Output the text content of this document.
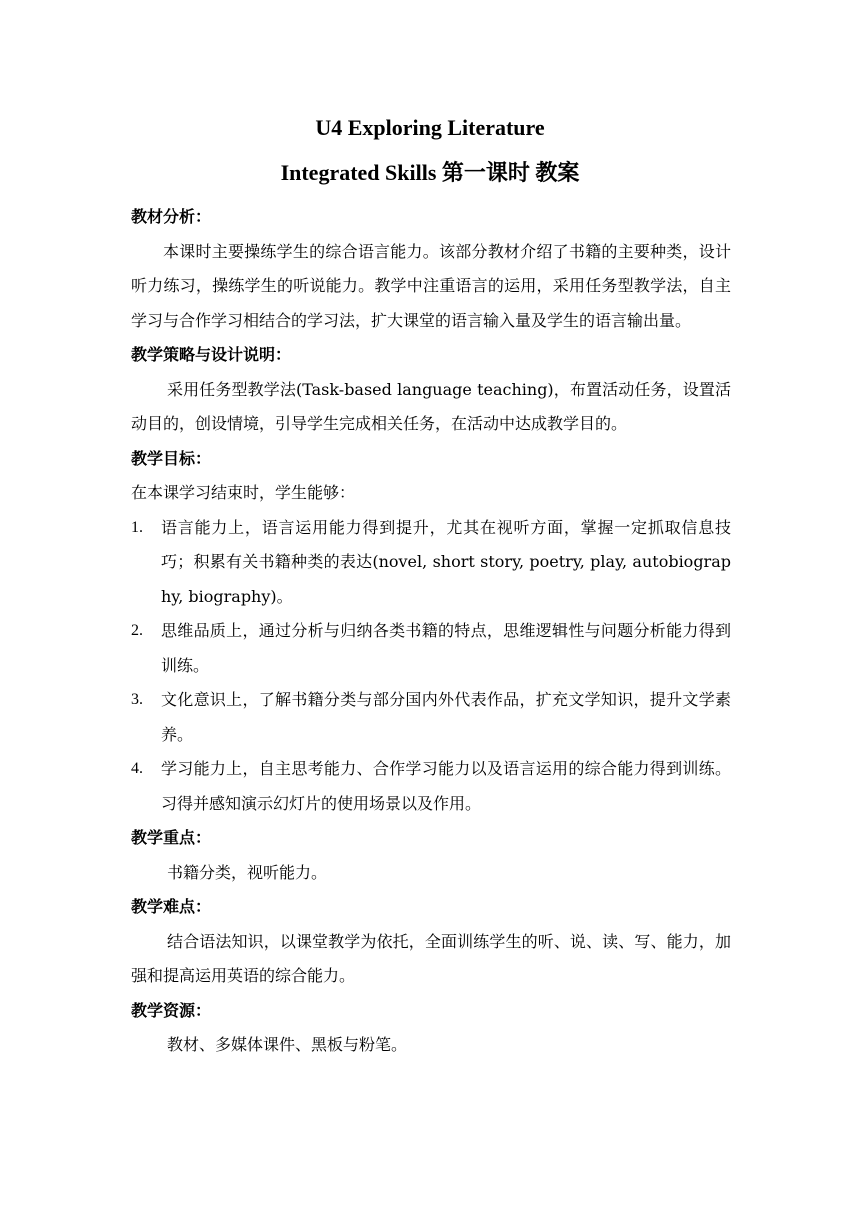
U4 Exploring Literature
Integrated Skills 第一课时 教案

教材分析：

本课时主要操练学生的综合语言能力。该部分教材介绍了书籍的主要种类，设计听力练习，操练学生的听说能力。教学中注重语言的运用，采用任务型教学法，自主学习与合作学习相结合的学习法，扩大课堂的语言输入量及学生的语言输出量。

教学策略与设计说明：

采用任务型教学法(Task-based language teaching)，布置活动任务，设置活动目的，创设情境，引导学生完成相关任务，在活动中达成教学目的。

教学目标：

在本课学习结束时，学生能够：

1. 语言能力上，语言运用能力得到提升，尤其在视听方面，掌握一定抓取信息技巧；积累有关书籍种类的表达(novel, short story, poetry, play, autobiography, biography)。
2. 思维品质上，通过分析与归纳各类书籍的特点，思维逻辑性与问题分析能力得到训练。
3. 文化意识上，了解书籍分类与部分国内外代表作品，扩充文学知识，提升文学素养。
4. 学习能力上，自主思考能力、合作学习能力以及语言运用的综合能力得到训练。习得并感知演示幻灯片的使用场景以及作用。

教学重点：

书籍分类，视听能力。

教学难点：

结合语法知识，以课堂教学为依托，全面训练学生的听、说、读、写、能力，加强和提高运用英语的综合能力。

教学资源：

教材、多媒体课件、黑板与粉笔。
